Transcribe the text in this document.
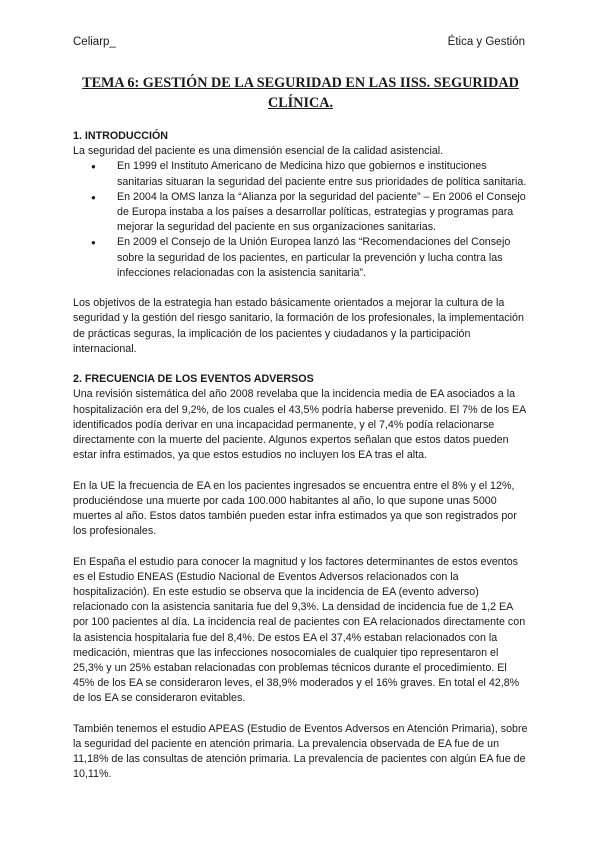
Celiarp_	Ética y Gestión
TEMA 6: GESTIÓN DE LA SEGURIDAD EN LAS IISS. SEGURIDAD CLÍNICA.
1. INTRODUCCIÓN

La seguridad del paciente es una dimensión esencial de la calidad asistencial.

● En 1999 el Instituto Americano de Medicina hizo que gobiernos e instituciones sanitarias situaran la seguridad del paciente entre sus prioridades de política sanitaria.
● En 2004 la OMS lanza la “Alianza por la seguridad del paciente” – En 2006 el Consejo de Europa instaba a los países a desarrollar políticas, estrategias y programas para mejorar la seguridad del paciente en sus organizaciones sanitarias.
● En 2009 el Consejo de la Unión Europea lanzó las “Recomendaciones del Consejo sobre la seguridad de los pacientes, en particular la prevención y lucha contra las infecciones relacionadas con la asistencia sanitaria”.

Los objetivos de la estrategia han estado básicamente orientados a mejorar la cultura de la seguridad y la gestión del riesgo sanitario, la formación de los profesionales, la implementación de prácticas seguras, la implicación de los pacientes y ciudadanos y la participación internacional.

2. FRECUENCIA DE LOS EVENTOS ADVERSOS

Una revisión sistemática del año 2008 revelaba que la incidencia media de EA asociados a la hospitalización era del 9,2%, de los cuales el 43,5% podría haberse prevenido. El 7% de los EA identificados podía derivar en una incapacidad permanente, y el 7,4% podía relacionarse directamente con la muerte del paciente. Algunos expertos señalan que estos datos pueden estar infra estimados, ya que estos estudios no incluyen los EA tras el alta.

En la UE la frecuencia de EA en los pacientes ingresados se encuentra entre el 8% y el 12%, produciéndose una muerte por cada 100.000 habitantes al año, lo que supone unas 5000 muertes al año. Estos datos también pueden estar infra estimados ya que son registrados por los profesionales.

En España el estudio para conocer la magnitud y los factores determinantes de estos eventos es el Estudio ENEAS (Estudio Nacional de Eventos Adversos relacionados con la hospitalización). En este estudio se observa que la incidencia de EA (evento adverso) relacionado con la asistencia sanitaria fue del 9,3%. La densidad de incidencia fue de 1,2 EA por 100 pacientes al día. La incidencia real de pacientes con EA relacionados directamente con la asistencia hospitalaria fue del 8,4%. De estos EA el 37,4% estaban relacionados con la medicación, mientras que las infecciones nosocomiales de cualquier tipo representaron el 25,3% y un 25% estaban relacionadas con problemas técnicos durante el procedimiento. El 45% de los EA se consideraron leves, el 38,9% moderados y el 16% graves. En total el 42,8% de los EA se consideraron evitables.

También tenemos el estudio APEAS (Estudio de Eventos Adversos en Atención Primaria), sobre la seguridad del paciente en atención primaria. La prevalencia observada de EA fue de un 11,18% de las consultas de atención primaria. La prevalencia de pacientes con algún EA fue de 10,11%.
